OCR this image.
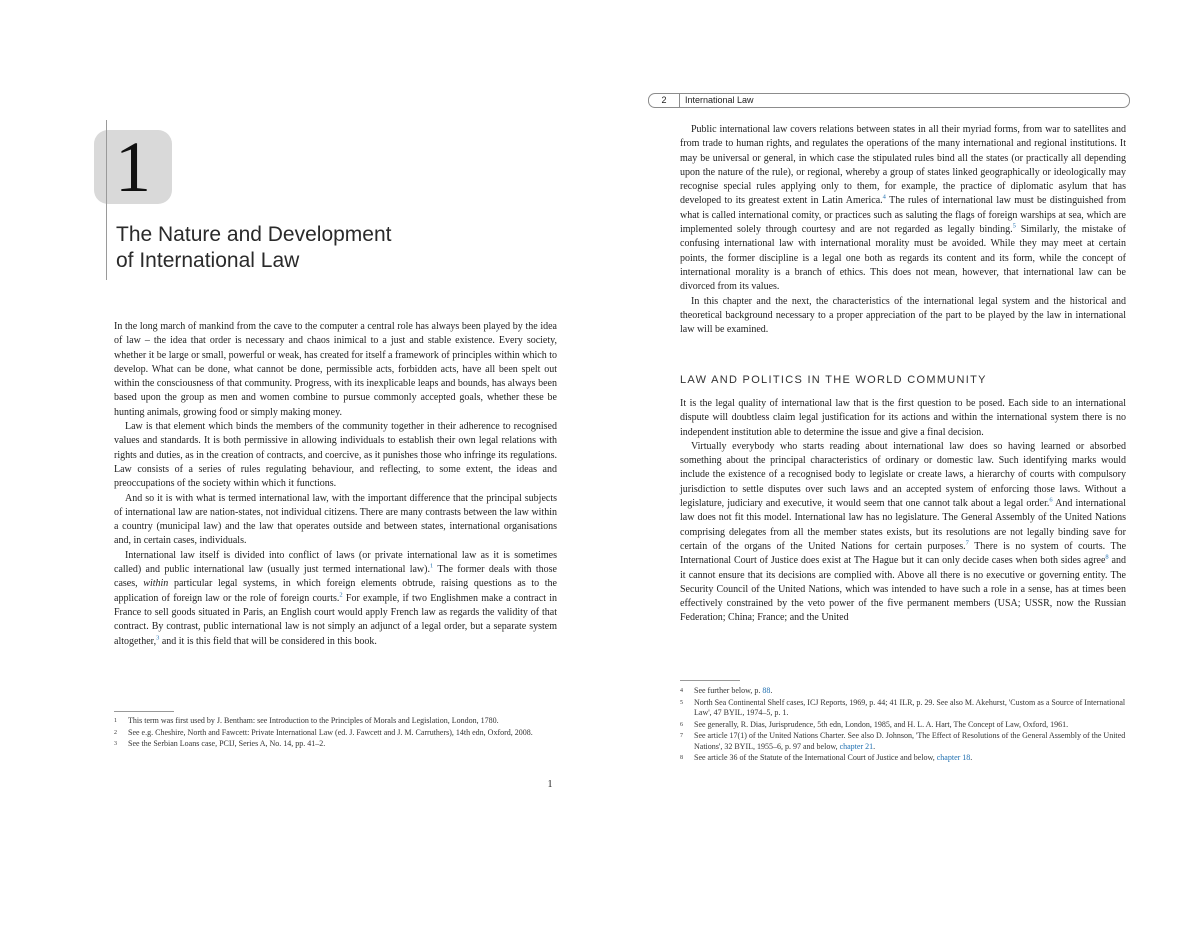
1
The Nature and Development
of International Law

In the long march of mankind from the cave to the computer a central role has always been played by the idea of law – the idea that order is necessary and chaos inimical to a just and stable existence. Every society, whether it be large or small, powerful or weak, has created for itself a framework of principles within which to develop. What can be done, what cannot be done, permissible acts, forbidden acts, have all been spelt out within the consciousness of that community. Progress, with its inexplicable leaps and bounds, has always been based upon the group as men and women combine to pursue commonly accepted goals, whether these be hunting animals, growing food or simply making money.

Law is that element which binds the members of the community together in their adherence to recognised values and standards. It is both permissive in allowing individuals to establish their own legal relations with rights and duties, as in the creation of contracts, and coercive, as it punishes those who infringe its regulations. Law consists of a series of rules regulating behaviour, and reflecting, to some extent, the ideas and preoccupations of the society within which it functions.

And so it is with what is termed international law, with the important difference that the principal subjects of international law are nation-states, not individual citizens. There are many contrasts between the law within a country (municipal law) and the law that operates outside and between states, international organisations and, in certain cases, individuals.

International law itself is divided into conflict of laws (or private international law as it is sometimes called) and public international law (usually just termed international law).$^1$ The former deals with those cases, within particular legal systems, in which foreign elements obtrude, raising questions as to the application of foreign law or the role of foreign courts.$^2$ For example, if two Englishmen make a contract in France to sell goods situated in Paris, an English court would apply French law as regards the validity of that contract. By contrast, public international law is not simply an adjunct of a legal order, but a separate system altogether,$^3$ and it is this field that will be considered in this book.

1 This term was first used by J. Bentham: see Introduction to the Principles of Morals and Legislation, London, 1780.
2 See e.g. Cheshire, North and Fawcett: Private International Law (ed. J. Fawcett and J. M. Carruthers), 14th edn, Oxford, 2008.
3 See the Serbian Loans case, PCIJ, Series A, No. 14, pp. 41–2.
1
2	International Law

Public international law covers relations between states in all their myriad forms, from war to satellites and from trade to human rights, and regulates the operations of the many international and regional institutions. It may be universal or general, in which case the stipulated rules bind all the states (or practically all depending upon the nature of the rule), or regional, whereby a group of states linked geographically or ideologically may recognise special rules applying only to them, for example, the practice of diplomatic asylum that has developed to its greatest extent in Latin America.$^4$ The rules of international law must be distinguished from what is called international comity, or practices such as saluting the flags of foreign warships at sea, which are implemented solely through courtesy and are not regarded as legally binding.$^5$ Similarly, the mistake of confusing international law with international morality must be avoided. While they may meet at certain points, the former discipline is a legal one both as regards its content and its form, while the concept of international morality is a branch of ethics. This does not mean, however, that international law can be divorced from its values.

In this chapter and the next, the characteristics of the international legal system and the historical and theoretical background necessary to a proper appreciation of the part to be played by the law in international law will be examined.

LAW AND POLITICS IN THE WORLD COMMUNITY

It is the legal quality of international law that is the first question to be posed. Each side to an international dispute will doubtless claim legal justification for its actions and within the international system there is no independent institution able to determine the issue and give a final decision.

Virtually everybody who starts reading about international law does so having learned or absorbed something about the principal characteristics of ordinary or domestic law. Such identifying marks would include the existence of a recognised body to legislate or create laws, a hierarchy of courts with compulsory jurisdiction to settle disputes over such laws and an accepted system of enforcing those laws. Without a legislature, judiciary and executive, it would seem that one cannot talk about a legal order.$^6$ And international law does not fit this model. International law has no legislature. The General Assembly of the United Nations comprising delegates from all the member states exists, but its resolutions are not legally binding save for certain of the organs of the United Nations for certain purposes.$^7$ There is no system of courts. The International Court of Justice does exist at The Hague but it can only decide cases when both sides agree$^8$ and it cannot ensure that its decisions are complied with. Above all there is no executive or governing entity. The Security Council of the United Nations, which was intended to have such a role in a sense, has at times been effectively constrained by the veto power of the five permanent members (USA; USSR, now the Russian Federation; China; France; and the United

4 See further below, p. 88.
5 North Sea Continental Shelf cases, ICJ Reports, 1969, p. 44; 41 ILR, p. 29. See also M. Akehurst, 'Custom as a Source of International Law', 47 BYIL, 1974–5, p. 1.
6 See generally, R. Dias, Jurisprudence, 5th edn, London, 1985, and H. L. A. Hart, The Concept of Law, Oxford, 1961.
7 See article 17(1) of the United Nations Charter. See also D. Johnson, 'The Effect of Resolutions of the General Assembly of the United Nations', 32 BYIL, 1955–6, p. 97 and below, chapter 21.
8 See article 36 of the Statute of the International Court of Justice and below, chapter 18.
